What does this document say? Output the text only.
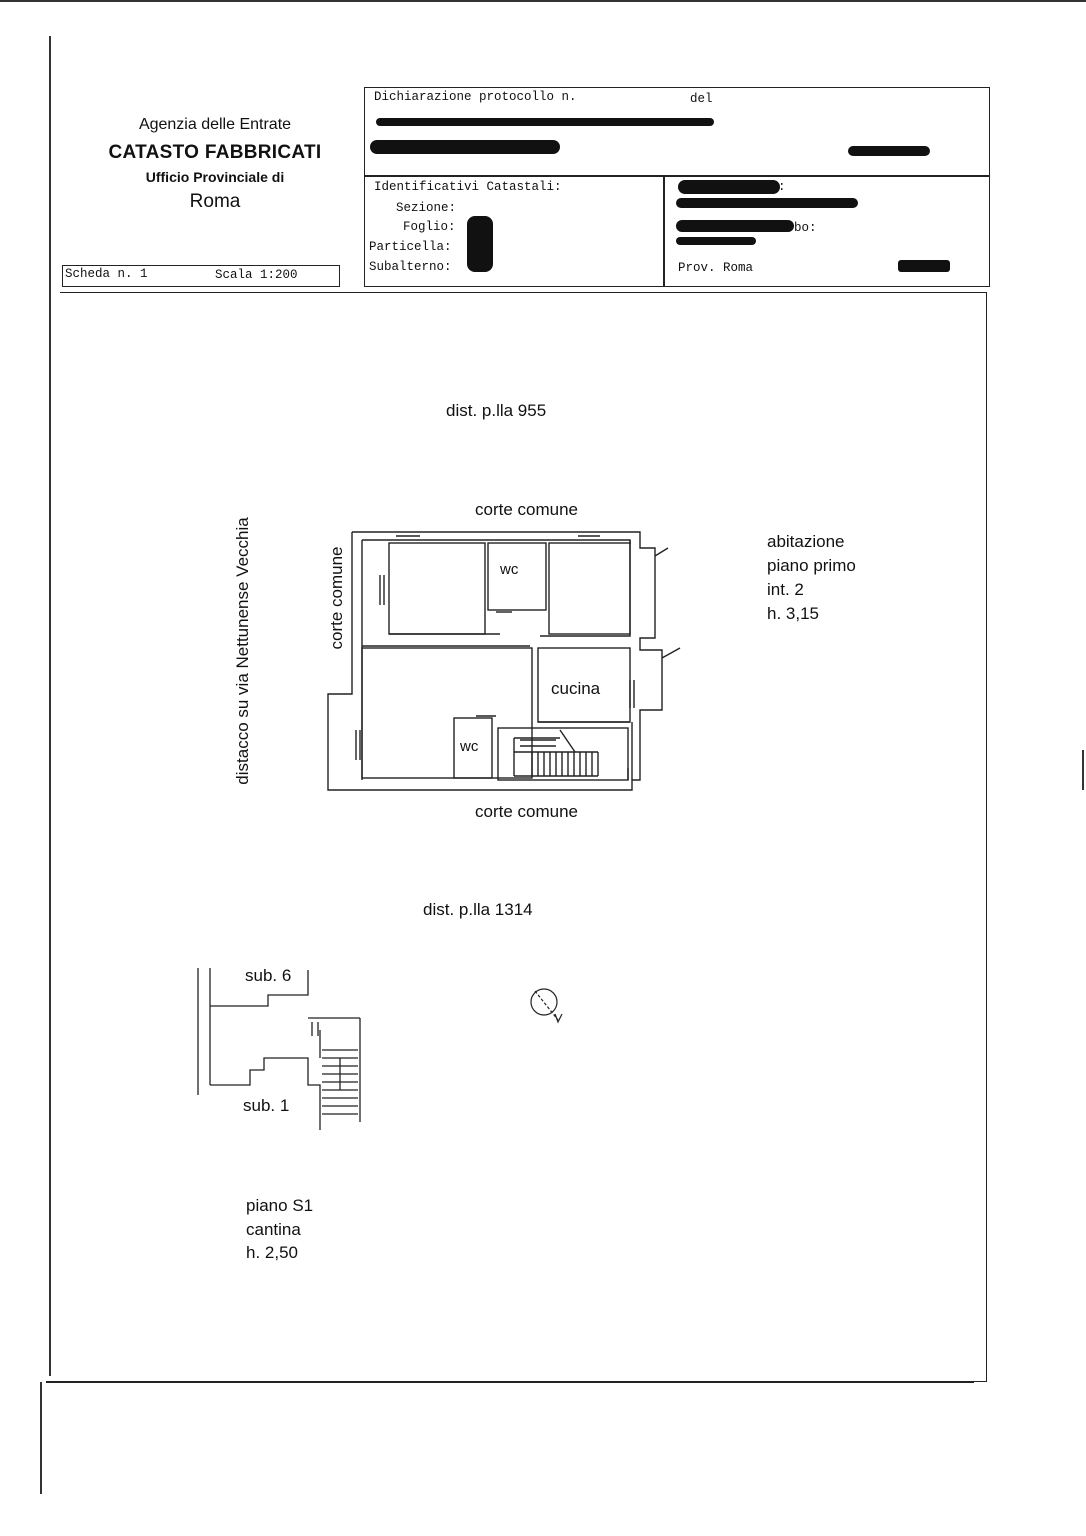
Agenzia delle Entrate
CATASTO FABBRICATI
Ufficio Provinciale di
Roma
Scheda n. 1	Scala 1:200
Dichiarazione protocollo n.	del
Identificativi Catastali:
Sezione:
Foglio:
Particella:
Subalterno:
:
bo:
Prov. Roma
dist. p.lla 955
corte comune
corte comune
corte comune
distacco su via Nettunense Vecchia	wc
wc
cucina
abitazione
piano primo
int. 2
h. 3,15
dist. p.lla 1314
sub. 6
sub. 1
piano S1
cantina
h. 2,50
